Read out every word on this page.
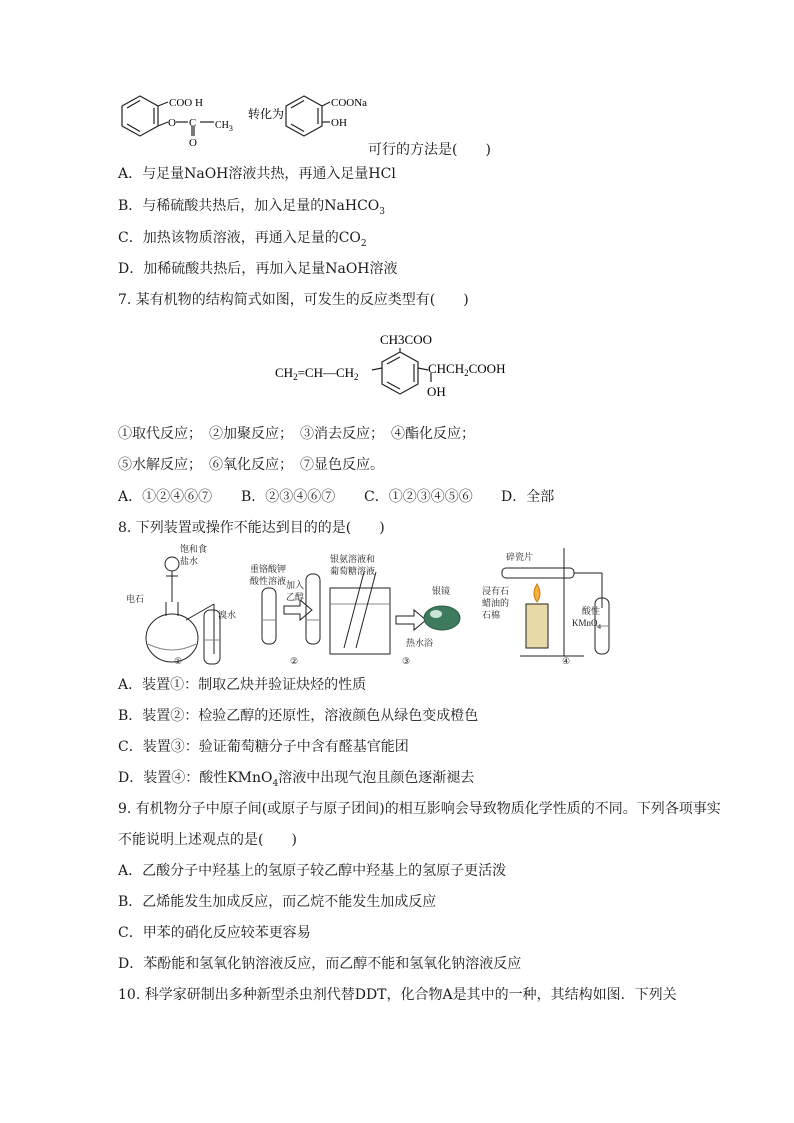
COO H
O C
O
$CH_3$
转化为
COONa
OH
可行的方法是(　　)
A．与足量NaOH溶液共热，再通入足量HCl
B．与稀硫酸共热后，加入足量的NaHCO$_3$
C．加热该物质溶液，再通入足量的$CO_2$
D．加稀硫酸共热后，再加入足量NaOH溶液
7. 某有机物的结构简式如图，可发生的反应类型有(　　)
CH3COO
$CH_2=CH—CH_2$
$CHCH_2COOH$
OH
①取代反应；　②加聚反应；　③消去反应；　④酯化反应；
⑤水解反应；　⑥氧化反应；　⑦显色反应。
A．①②④⑥⑦ B．②③④⑥⑦ C．①②③④⑤⑥ D．全部
8. 下列装置或操作不能达到目的的是(　　)
饱和食
盐水
电石
溴水
重铬酸钾
酸性溶液 加入
乙醇
银氨溶液和
葡萄糖溶液
银镜
热水浴
碎瓷片
浸有石
蜡油的
石棉	酸性
KMnO$_4$
①	②	③	④
A．装置①：制取乙炔并验证炔烃的性质
B．装置②：检验乙醇的还原性，溶液颜色从绿色变成橙色
C．装置③：验证葡萄糖分子中含有醛基官能团
D．装置④：酸性KMnO$_4$溶液中出现气泡且颜色逐渐褪去
9. 有机物分子中原子间(或原子与原子团间)的相互影响会导致物质化学性质的不同。下列各项事实
不能说明上述观点的是(　　)
A．乙酸分子中羟基上的氢原子较乙醇中羟基上的氢原子更活泼
B．乙烯能发生加成反应，而乙烷不能发生加成反应
C．甲苯的硝化反应较苯更容易
D．苯酚能和氢氧化钠溶液反应，而乙醇不能和氢氧化钠溶液反应
10. 科学家研制出多种新型杀虫剂代替DDT，化合物A是其中的一种，其结构如图．下列关
